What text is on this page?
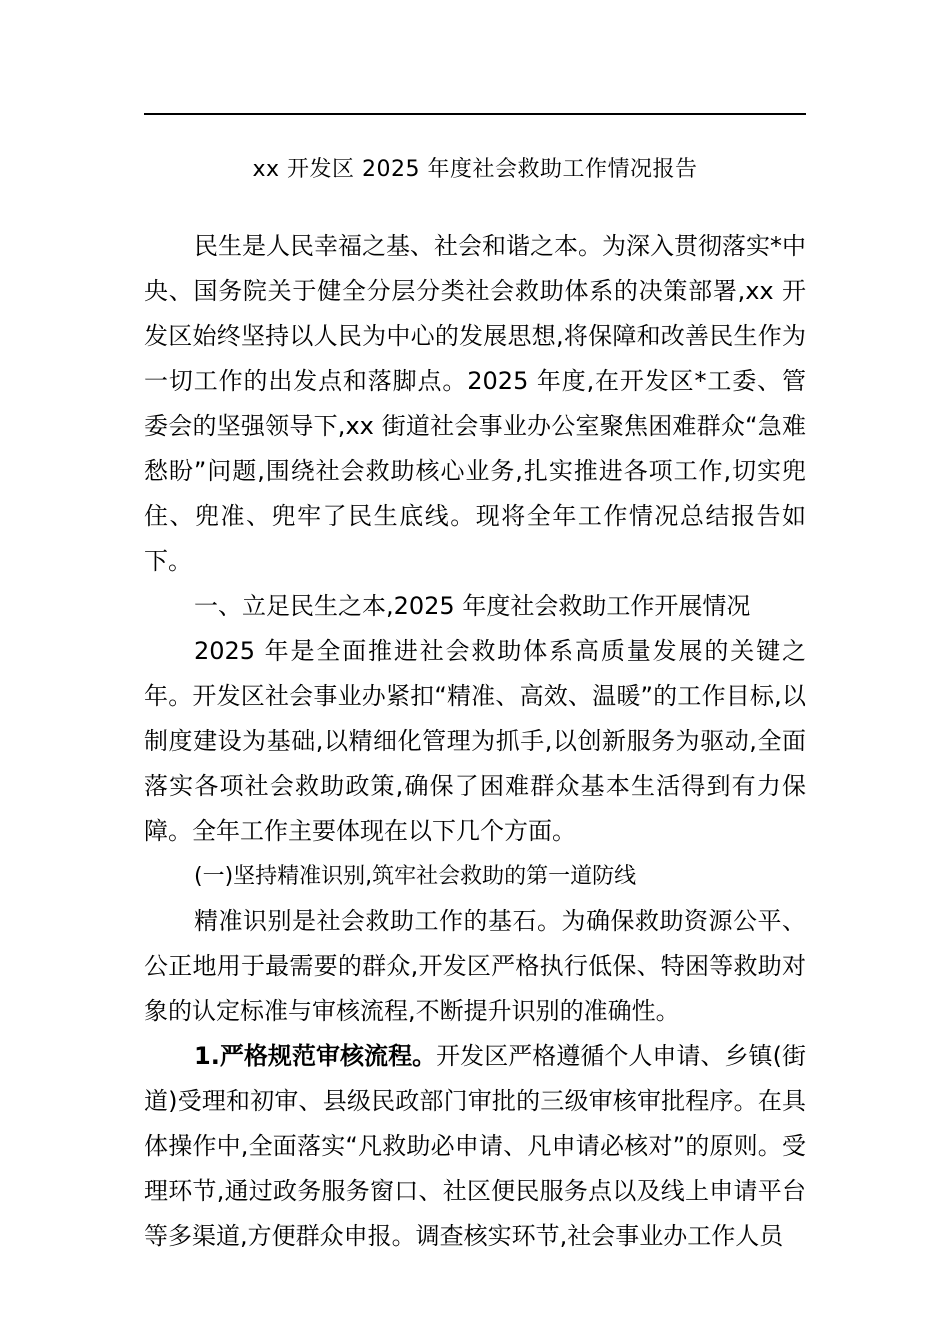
xx 开发区 2025 年度社会救助工作情况报告

民生是人民幸福之基、社会和谐之本。为深入贯彻落实*中央、国务院关于健全分层分类社会救助体系的决策部署,xx 开发区始终坚持以人民为中心的发展思想,将保障和改善民生作为一切工作的出发点和落脚点。2025 年度,在开发区*工委、管委会的坚强领导下,xx 街道社会事业办公室聚焦困难群众“急难愁盼”问题,围绕社会救助核心业务,扎实推进各项工作,切实兜住、兜准、兜牢了民生底线。现将全年工作情况总结报告如下。

一、立足民生之本,2025 年度社会救助工作开展情况

2025 年是全面推进社会救助体系高质量发展的关键之年。开发区社会事业办紧扣“精准、高效、温暖”的工作目标,以制度建设为基础,以精细化管理为抓手,以创新服务为驱动,全面落实各项社会救助政策,确保了困难群众基本生活得到有力保障。全年工作主要体现在以下几个方面。

(一)坚持精准识别,筑牢社会救助的第一道防线

精准识别是社会救助工作的基石。为确保救助资源公平、公正地用于最需要的群众,开发区严格执行低保、特困等救助对象的认定标准与审核流程,不断提升识别的准确性。

1.严格规范审核流程。开发区严格遵循个人申请、乡镇(街道)受理和初审、县级民政部门审批的三级审核审批程序。在具体操作中,全面落实“凡救助必申请、凡申请必核对”的原则。受理环节,通过政务服务窗口、社区便民服务点以及线上申请平台等多渠道,方便群众申报。调查核实环节,社会事业办工作人员
